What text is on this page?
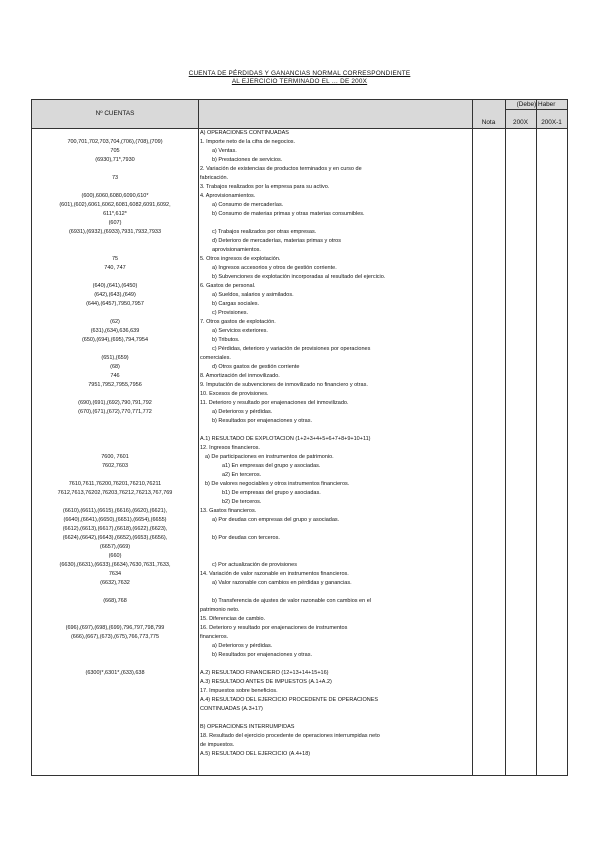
CUENTA DE PÉRDIDAS Y GANANCIAS NORMAL CORRESPONDIENTE
AL EJERCICIO TERMINADO EL … DE 200X
Nº CUENTAS
Nota
(Debe) Haber
200X	200X-1
700,701,702,703,704,(706),(708),(709)
705
(6930),71*,7930
73
(600),6060,6080,6090,610*
(601),(602),6061,6062,6081,6082,6091,6092,
611*,612*
(607)
(6931),(6932),(6933),7931,7932,7933
75
740, 747
(640),(641),(6450)
(642),(643),(649)
(644),(6457),7950,7957
(62)
(631),(634),636,639
(650),(694),(695),794,7954
(651),(659)
(68)
746
7951,7952,7955,7956
(690),(691),(692),790,791,792
(670),(671),(672),770,771,772
7600, 7601
7602,7603
7610,7611,76200,76201,76210,76211
7612,7613,76202,76203,76212,76213,767,769
(6610),(6611),(6615),(6616),(6620),(6621),
(6640),(6641),(6650),(6651),(6654),(6655)
(6612),(6613),(6617),(6618),(6622),(6623),
(6624),(6642),(6643),(6652),(6653),(6656),
(6657),(669)
(660)
(6630),(6631),(6633),(6634),7630,7631,7633,
7634
(6632),7632
(668),768
(696),(697),(698),(699),796,797,798,799
(666),(667),(673),(675),766,773,775
(6300)*,6301*,(633),638
A) OPERACIONES CONTINUADAS
1. Importe neto de la cifra de negocios.
a) Ventas.
b) Prestaciones de servicios.
2. Variación de existencias de productos terminados y en curso de
fabricación.
3. Trabajos realizados por la empresa para su activo.
4. Aprovisionamientos.
a) Consumo de mercaderías.
b) Consumo de materias primas y otras materias consumibles.
c) Trabajos realizados por otras empresas.
d) Deterioro de mercaderías, materias primas y otros
aprovisionamientos.
5. Otros ingresos de explotación.
a) Ingresos accesorios y otros de gestión corriente.
b) Subvenciones de explotación incorporadas al resultado del ejercicio.
6. Gastos de personal.
a) Sueldos, salarios y asimilados.
b) Cargas sociales.
c) Provisiones.
7. Otros gastos de explotación.
a) Servicios exteriores.
b) Tributos.
c) Pérdidas, deterioro y variación de provisiones por operaciones
comerciales.
d) Otros gastos de gestión corriente
8. Amortización del inmovilizado.
9. Imputación de subvenciones de inmovilizado no financiero y otras.
10. Excesos de provisiones.
11. Deterioro y resultado por enajenaciones del inmovilizado.
a) Deterioros y pérdidas.
b) Resultados por enajenaciones y otras.
A.1) RESULTADO DE EXPLOTACIÓN (1+2+3+4+5+6+7+8+9+10+11)
12. Ingresos financieros.
a) De participaciones en instrumentos de patrimonio.
a1) En empresas del grupo y asociadas.
a2) En terceros.
b) De valores negociables y otros instrumentos financieros.
b1) De empresas del grupo y asociadas.
b2) De terceros.
13. Gastos financieros.
a) Por deudas con empresas del grupo y asociadas.
b) Por deudas con terceros.
c) Por actualización de provisiones
14. Variación de valor razonable en instrumentos financieros.
a) Valor razonable con cambios en pérdidas y ganancias.
b) Transferencia de ajustes de valor razonable con cambios en el
patrimonio neto.
15. Diferencias de cambio.
16. Deterioro y resultado por enajenaciones de instrumentos
financieros.
a) Deterioros y pérdidas.
b) Resultados por enajenaciones y otras.
A.2) RESULTADO FINANCIERO (12+13+14+15+16)
A.3) RESULTADO ANTES DE IMPUESTOS (A.1+A.2)
17. Impuestos sobre beneficios.
A.4) RESULTADO DEL EJERCICIO PROCEDENTE DE OPERACIONES
CONTINUADAS (A.3+17)
B) OPERACIONES INTERRUMPIDAS
18. Resultado del ejercicio procedente de operaciones interrumpidas neto
de impuestos.
A.5) RESULTADO DEL EJERCICIO (A.4+18)
